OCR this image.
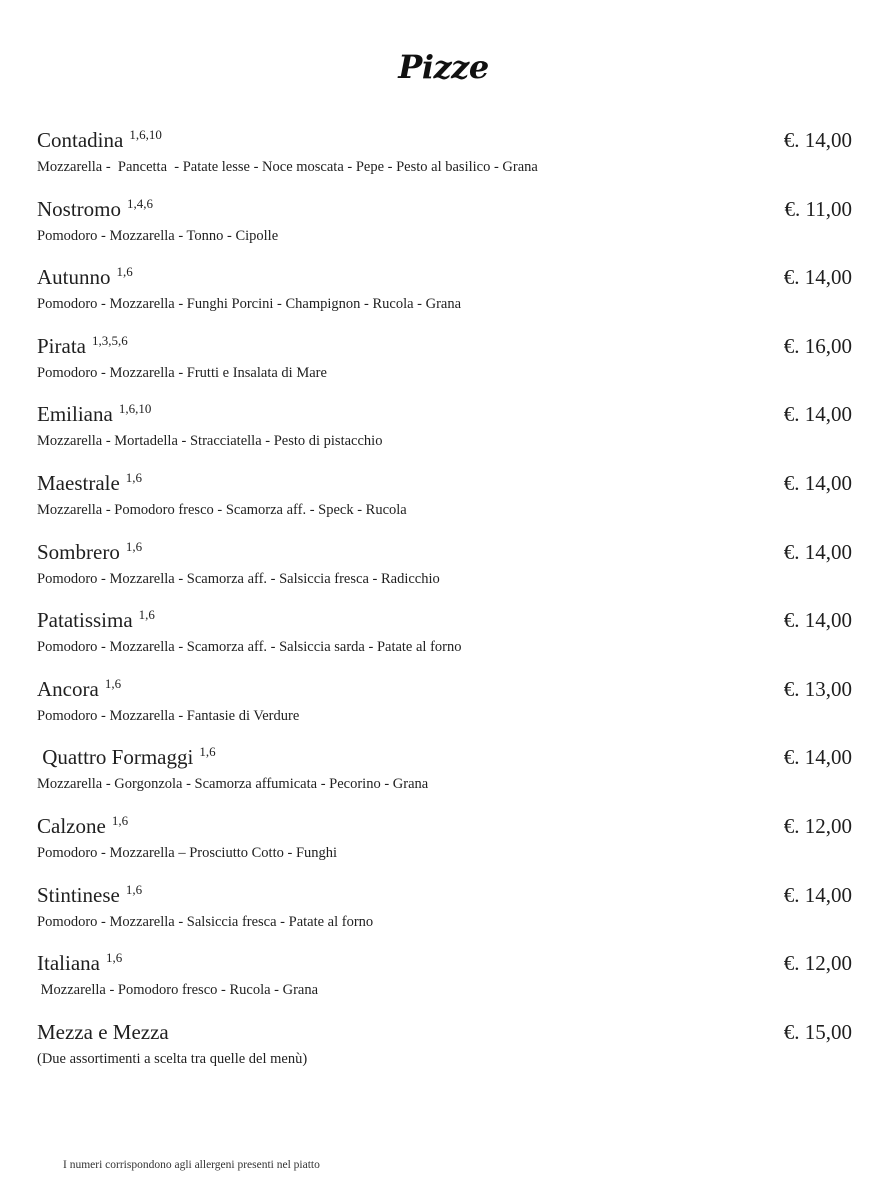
Pizze
Contadina $^{1,6,10}$	€. 14,00
Mozzarella -  Pancetta  - Patate lesse - Noce moscata - Pepe - Pesto al basilico - Grana
Nostromo $^{1,4,6}$	€. 11,00
Pomodoro - Mozzarella - Tonno - Cipolle
Autunno $^{1,6}$	€. 14,00
Pomodoro - Mozzarella - Funghi Porcini - Champignon - Rucola - Grana
Pirata $^{1,3,5,6}$	€. 16,00
Pomodoro - Mozzarella - Frutti e Insalata di Mare
Emiliana $^{1,6,10}$	€. 14,00
Mozzarella - Mortadella - Stracciatella - Pesto di pistacchio
Maestrale $^{1,6}$	€. 14,00
Mozzarella - Pomodoro fresco - Scamorza aff. - Speck - Rucola
Sombrero $^{1,6}$	€. 14,00
Pomodoro - Mozzarella - Scamorza aff. - Salsiccia fresca - Radicchio
Patatissima $^{1,6}$	€. 14,00
Pomodoro - Mozzarella - Scamorza aff. - Salsiccia sarda - Patate al forno
Ancora $^{1,6}$	€. 13,00
Pomodoro - Mozzarella - Fantasie di Verdure
Quattro Formaggi $^{1,6}$	€. 14,00
Mozzarella - Gorgonzola - Scamorza affumicata - Pecorino - Grana
Calzone $^{1,6}$	€. 12,00
Pomodoro - Mozzarella – Prosciutto Cotto - Funghi
Stintinese $^{1,6}$	€. 14,00
Pomodoro - Mozzarella - Salsiccia fresca - Patate al forno
Italiana $^{1,6}$	€. 12,00
Mozzarella - Pomodoro fresco - Rucola - Grana
Mezza e Mezza	€. 15,00
(Due assortimenti a scelta tra quelle del menù)
I numeri corrispondono agli allergeni presenti nel piatto
